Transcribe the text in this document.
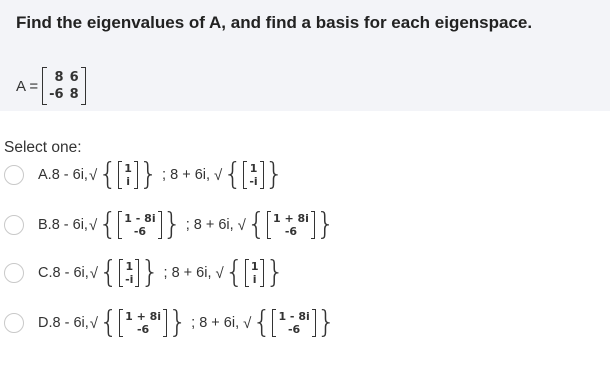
Find the eigenvalues of A, and find a basis for each eigenspace.
A =	8 6
-6 8
Select one:
A.8 - 6i, √ { 1
i } ; 8 + 6i, √ { 1
-i }
B.8 - 6i, √ { 1 - 8i
-6 } ; 8 + 6i, √ { 1 + 8i
-6 }
C.8 - 6i, √ { 1
-i } ; 8 + 6i, √ { 1
i }
D.8 - 6i, √ { 1 + 8i
-6 } ; 8 + 6i, √ { 1 - 8i
-6 }
